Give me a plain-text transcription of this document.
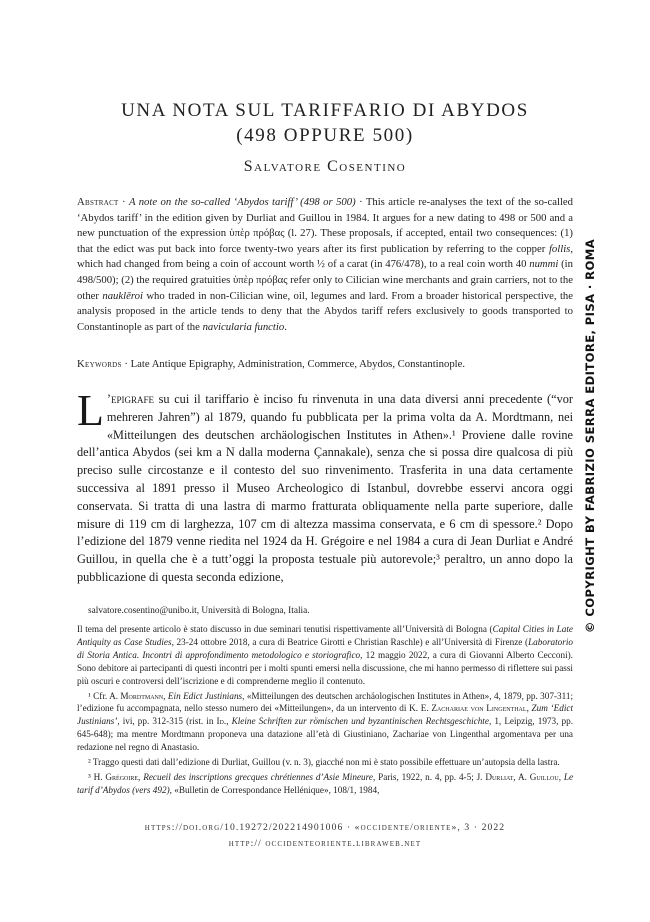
UNA NOTA SUL TARIFFARIO DI ABYDOS
(498 OPPURE 500)
Salvatore Cosentino
Abstract · A note on the so-called ‘Abydos tariff’ (498 or 500) · This article re-analyses the text of the so-called ‘Abydos tariff’ in the edition given by Durliat and Guillou in 1984. It argues for a new dating to 498 or 500 and a new punctuation of the expression ὑπὲρ πρόβας (l. 27). These proposals, if accepted, entail two consequences: (1) that the edict was put back into force twenty-two years after its first publication by referring to the copper follis, which had changed from being a coin of account worth ½ of a carat (in 476/478), to a real coin worth 40 nummi (in 498/500); (2) the required gratuities ὑπὲρ πρόβας refer only to Cilician wine merchants and grain carriers, not to the other nauklēroi who traded in non-Cilician wine, oil, legumes and lard. From a broader historical perspective, the analysis proposed in the article tends to deny that the Abydos tariff refers exclusively to goods transported to Constantinople as part of the navicularia functio.
Keywords · Late Antique Epigraphy, Administration, Commerce, Abydos, Constantinople.
L ’epigrafe su cui il tariffario è inciso fu rinvenuta in una data diversi anni precedente (“vor mehreren Jahren”) al 1879, quando fu pubblicata per la prima volta da A. Mordtmann, nei «Mitteilungen des deutschen archäologischen Institutes in Athen».¹ Proviene dalle rovine dell’antica Abydos (sei km a N dalla moderna Çannakale), senza che si possa dire qualcosa di più preciso sulle circostanze e il contesto del suo rinvenimento. Trasferita in una data certamente successiva al 1891 presso il Museo Archeologico di Istanbul, dovrebbe esservi ancora oggi conservata. Si tratta di una lastra di marmo fratturata obliquamente nella parte superiore, dalle misure di 119 cm di larghezza, 107 cm di altezza massima conservata, e 6 cm di spessore.² Dopo l’edizione del 1879 venne riedita nel 1924 da H. Grégoire e nel 1984 a cura di Jean Durliat e André Guillou, in quella che è a tutt’oggi la proposta testuale più autorevole;³ peraltro, un anno dopo la pubblicazione di questa seconda edizione,
salvatore.cosentino@unibo.it, Università di Bologna, Italia.

Il tema del presente articolo è stato discusso in due seminari tenutisi rispettivamente all’Università di Bologna (Capital Cities in Late Antiquity as Case Studies, 23-24 ottobre 2018, a cura di Beatrice Girotti e Christian Raschle) e all’Università di Firenze (Laboratorio di Storia Antica. Incontri di approfondimento metodologico e storiografico, 12 maggio 2022, a cura di Giovanni Alberto Cecconi). Sono debitore ai partecipanti di questi incontri per i molti spunti emersi nella discussione, che mi hanno permesso di riflettere sui passi più oscuri e controversi dell’iscrizione e di comprenderne meglio il contenuto.

¹ Cfr. A. Mordtmann, Ein Edict Justinians, «Mitteilungen des deutschen archäologischen Institutes in Athen», 4, 1879, pp. 307-311; l’edizione fu accompagnata, nello stesso numero dei «Mitteilungen», da un intervento di K. E. Zachariae von Lingenthal, Zum ‘Edict Justinians’, ivi, pp. 312-315 (rist. in Id., Kleine Schriften zur römischen und byzantinischen Rechtsgeschichte, 1, Leipzig, 1973, pp. 645-648); ma mentre Mordtmann proponeva una datazione all’età di Giustiniano, Zachariae von Lingenthal argomentava per una redazione nel regno di Anastasio.

² Traggo questi dati dall’edizione di Durliat, Guillou (v. n. 3), giacché non mi è stato possibile effettuare un’autopsia della lastra.

³ H. Grégoire, Recueil des inscriptions grecques chrétiennes d’Asie Mineure, Paris, 1922, n. 4, pp. 4-5; J. Durliat, A. Guillou, Le tarif d’Abydos (vers 492), «Bulletin de Correspondance Hellénique», 108/1, 1984,

https://doi.org/10.19272/202214901006 · «occidente/oriente», 3 · 2022
http:// occidenteoriente.libraweb.net
© COPYRIGHT BY FABRIZIO SERRA EDITORE, PISA · ROMA
